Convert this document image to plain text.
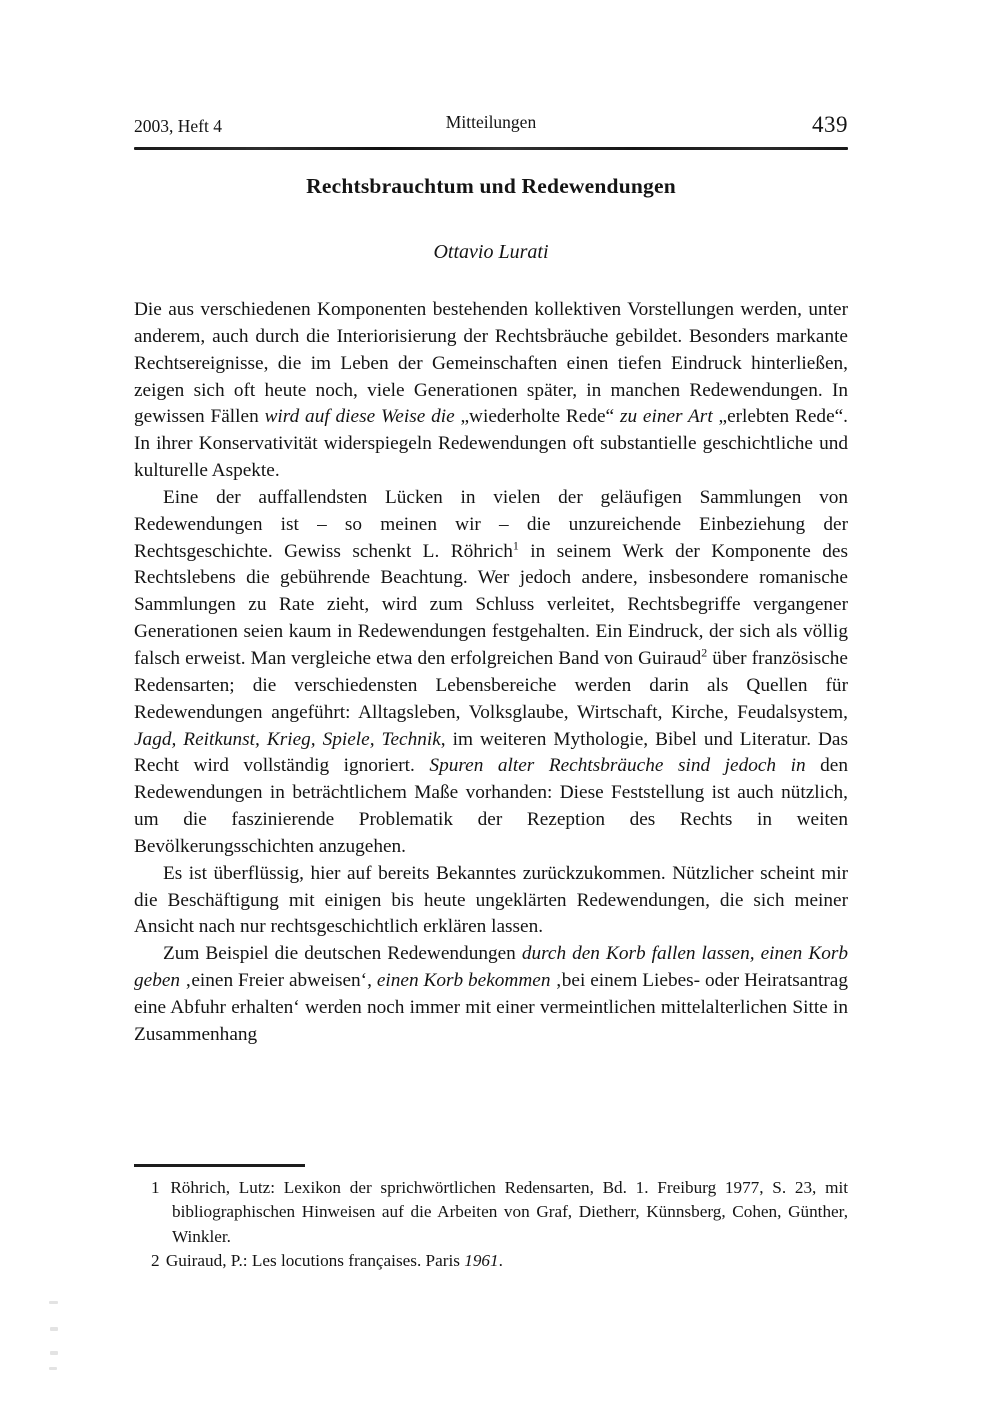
2003, Heft 4	Mitteilungen	439
Rechtsbrauchtum und Redewendungen
Ottavio Lurati

Die aus verschiedenen Komponenten bestehenden kollektiven Vorstellungen werden, unter anderem, auch durch die Interiorisierung der Rechtsbräuche gebildet. Besonders markante Rechtsereignisse, die im Leben der Gemeinschaften einen tiefen Eindruck hinterließen, zeigen sich oft heute noch, viele Generationen später, in manchen Redewendungen. In gewissen Fällen wird auf diese Weise die „wiederholte Rede“ zu einer Art „erlebten Rede“. In ihrer Konservativität widerspiegeln Redewendungen oft substantielle geschichtliche und kulturelle Aspekte.

Eine der auffallendsten Lücken in vielen der geläufigen Sammlungen von Redewendungen ist – so meinen wir – die unzureichende Einbeziehung der Rechtsgeschichte. Gewiss schenkt L. Röhrich$^1$ in seinem Werk der Komponente des Rechtslebens die gebührende Beachtung. Wer jedoch andere, insbesondere romanische Sammlungen zu Rate zieht, wird zum Schluss verleitet, Rechtsbegriffe vergangener Generationen seien kaum in Redewendungen festgehalten. Ein Eindruck, der sich als völlig falsch erweist. Man vergleiche etwa den erfolgreichen Band von Guiraud$^2$ über französische Redensarten; die verschiedensten Lebensbereiche werden darin als Quellen für Redewendungen angeführt: Alltagsleben, Volksglaube, Wirtschaft, Kirche, Feudalsystem, Jagd, Reitkunst, Krieg, Spiele, Technik, im weiteren Mythologie, Bibel und Literatur. Das Recht wird vollständig ignoriert. Spuren alter Rechtsbräuche sind jedoch in den Redewendungen in beträchtlichem Maße vorhanden: Diese Feststellung ist auch nützlich, um die faszinierende Problematik der Rezeption des Rechts in weiten Bevölkerungsschichten anzugehen.

Es ist überflüssig, hier auf bereits Bekanntes zurückzukommen. Nützlicher scheint mir die Beschäftigung mit einigen bis heute ungeklärten Redewendungen, die sich meiner Ansicht nach nur rechtsgeschichtlich erklären lassen.

Zum Beispiel die deutschen Redewendungen durch den Korb fallen lassen, einen Korb geben ‚einen Freier abweisen‘, einen Korb bekommen ‚bei einem Liebes- oder Heiratsantrag eine Abfuhr erhalten‘ werden noch immer mit einer vermeintlichen mittelalterlichen Sitte in Zusammenhang

1 Röhrich, Lutz: Lexikon der sprichwörtlichen Redensarten, Bd. 1. Freiburg 1977, S. 23, mit bibliographischen Hinweisen auf die Arbeiten von Graf, Dietherr, Künnsberg, Cohen, Günther, Winkler.
2 Guiraud, P.: Les locutions françaises. Paris 1961.
